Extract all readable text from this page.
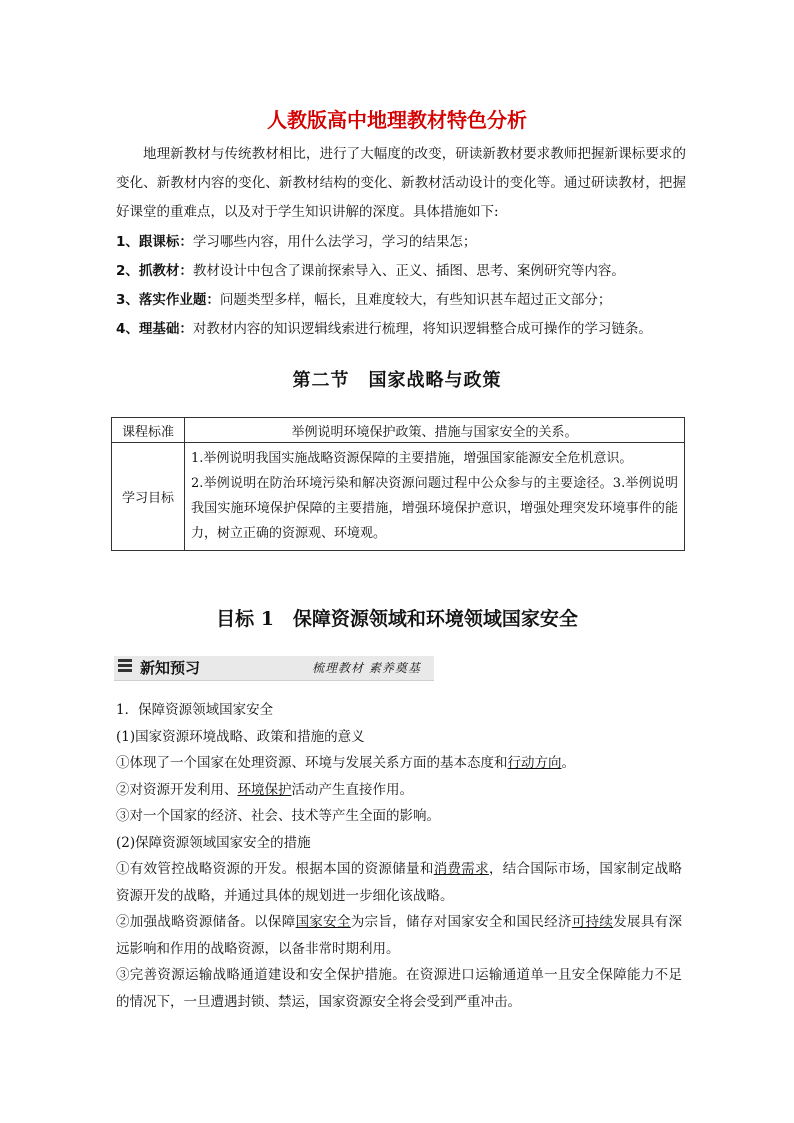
人教版高中地理教材特色分析

地理新教材与传统教材相比，进行了大幅度的改变，研读新教材要求教师把握新课标要求的变化、新教材内容的变化、新教材结构的变化、新教材活动设计的变化等。通过研读教材，把握好课堂的重难点，以及对于学生知识讲解的深度。具体措施如下:

1、跟课标：学习哪些内容，用什么法学习，学习的结果怎；

2、抓教材：教材设计中包含了课前探索导入、正义、插图、思考、案例研究等内容。

3、落实作业题：问题类型多样，幅长，且难度较大，有些知识甚车超过正文部分；

4、理基础：对教材内容的知识逻辑线索进行梳理，将知识逻辑整合成可操作的学习链条。

第二节　国家战略与政策
课程标准	举例说明环境保护政策、措施与国家安全的关系。
学习目标	1.举例说明我国实施战略资源保障的主要措施，增强国家能源安全危机意识。
2.举例说明在防治环境污染和解决资源问题过程中公众参与的主要途径。3.举例说明我国实施环境保护保障的主要措施，增强环境保护意识，增强处理突发环境事件的能力，树立正确的资源观、环境观。
目标 1　保障资源领域和环境领域国家安全
新知预习	梳理教材 素养奠基

1．保障资源领域国家安全

(1)国家资源环境战略、政策和措施的意义

①体现了一个国家在处理资源、环境与发展关系方面的基本态度和行动方向。

②对资源开发利用、环境保护活动产生直接作用。

③对一个国家的经济、社会、技术等产生全面的影响。

(2)保障资源领域国家安全的措施

①有效管控战略资源的开发。根据本国的资源储量和消费需求，结合国际市场，国家制定战略资源开发的战略，并通过具体的规划进一步细化该战略。

②加强战略资源储备。以保障国家安全为宗旨，储存对国家安全和国民经济可持续发展具有深远影响和作用的战略资源，以备非常时期利用。

③完善资源运输战略通道建设和安全保护措施。在资源进口运输通道单一且安全保障能力不足的情况下，一旦遭遇封锁、禁运，国家资源安全将会受到严重冲击。
